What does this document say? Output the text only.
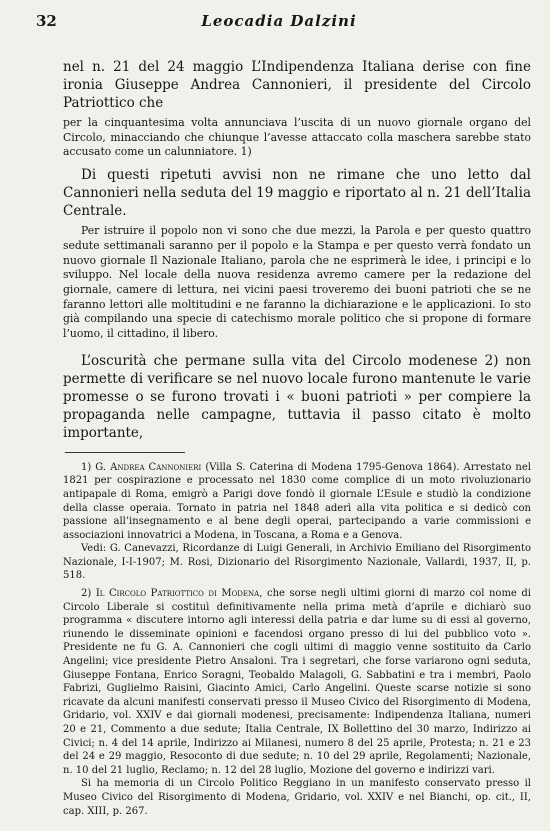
32	Leocadia Dalzini

nel n. 21 del 24 maggio L’Indipendenza Italiana derise con fine ironia Giuseppe Andrea Cannonieri, il presidente del Circolo Patriottico che

per la cinquantesima volta annunciava l’uscita di un nuovo giornale organo del Circolo, minacciando che chiunque l’avesse attaccato colla maschera sarebbe stato accusato come un calunniatore. 1)

Di questi ripetuti avvisi non ne rimane che uno letto dal Cannonieri nella seduta del 19 maggio e riportato al n. 21 dell’Italia Centrale.

Per istruire il popolo non vi sono che due mezzi, la Parola e per questo quattro sedute settimanali saranno per il popolo e la Stampa e per questo verrà fondato un nuovo giornale Il Nazionale Italiano, parola che ne esprimerà le idee, i principi e lo sviluppo. Nel locale della nuova residenza avremo camere per la redazione del giornale, camere di lettura, nei vicini paesi troveremo dei buoni patrioti che se ne faranno lettori alle moltitudini e ne faranno la dichiarazione e le applicazioni. Io sto già compilando una specie di catechismo morale politico che si propone di formare l’uomo, il cittadino, il libero.

L’oscurità che permane sulla vita del Circolo modenese 2) non permette di verificare se nel nuovo locale furono mantenute le varie promesse o se furono trovati i « buoni patrioti » per compiere la propaganda nelle campagne, tuttavia il passo citato è molto importante,

1) G. Andrea Cannonieri (Villa S. Caterina di Modena 1795-Genova 1864). Arrestato nel 1821 per cospirazione e processato nel 1830 come complice di un moto rivoluzionario antipapale di Roma, emigrò a Parigi dove fondò il giornale L’Esule e studiò la condizione della classe operaia. Tornato in patria nel 1848 aderì alla vita politica e si dedicò con passione all’insegnamento e al bene degli operai, partecipando a varie commissioni e associazioni innovatrici a Modena, in Toscana, a Roma e a Genova.

Vedi: G. Canevazzi, Ricordanze di Luigi Generali, in Archivio Emiliano del Risorgimento Nazionale, I-I-1907; M. Rosi, Dizionario del Risorgimento Nazionale, Vallardi, 1937, II, p. 518.

2) Il Circolo Patriottico di Modena, che sorse negli ultimi giorni di marzo col nome di Circolo Liberale si costituì definitivamente nella prima metà d’aprile e dichiarò suo programma « discutere intorno agli interessi della patria e dar lume su di essi al governo, riunendo le disseminate opinioni e facendosi organo presso di lui del pubblico voto ». Presidente ne fu G. A. Cannonieri che cogli ultimi di maggio venne sostituito da Carlo Angelini; vice presidente Pietro Ansaloni. Tra i segretari, che forse variarono ogni seduta, Giuseppe Fontana, Enrico Soragni, Teobaldo Malagoli, G. Sabbatini e tra i membri, Paolo Fabrizi, Guglielmo Raisini, Giacinto Amici, Carlo Angelini. Queste scarse notizie si sono ricavate da alcuni manifesti conservati presso il Museo Civico del Risorgimento di Modena, Gridario, vol. XXIV e dai giornali modenesi, precisamente: Indipendenza Italiana, numeri 20 e 21, Commento a due sedute; Italia Centrale, IX Bollettino del 30 marzo, Indirizzo ai Civici; n. 4 del 14 aprile, Indirizzo ai Milanesi, numero 8 del 25 aprile, Protesta; n. 21 e 23 del 24 e 29 maggio, Resoconto di due sedute; n. 10 del 29 aprile, Regolamenti; Nazionale, n. 10 del 21 luglio, Reclamo; n. 12 del 28 luglio, Mozione del governo e indirizzi vari.

Si ha memoria di un Circolo Politico Reggiano in un manifesto conservato presso il Museo Civico del Risorgimento di Modena, Gridario, vol. XXIV e nel Bianchi, op. cit., II, cap. XIII, p. 267.
